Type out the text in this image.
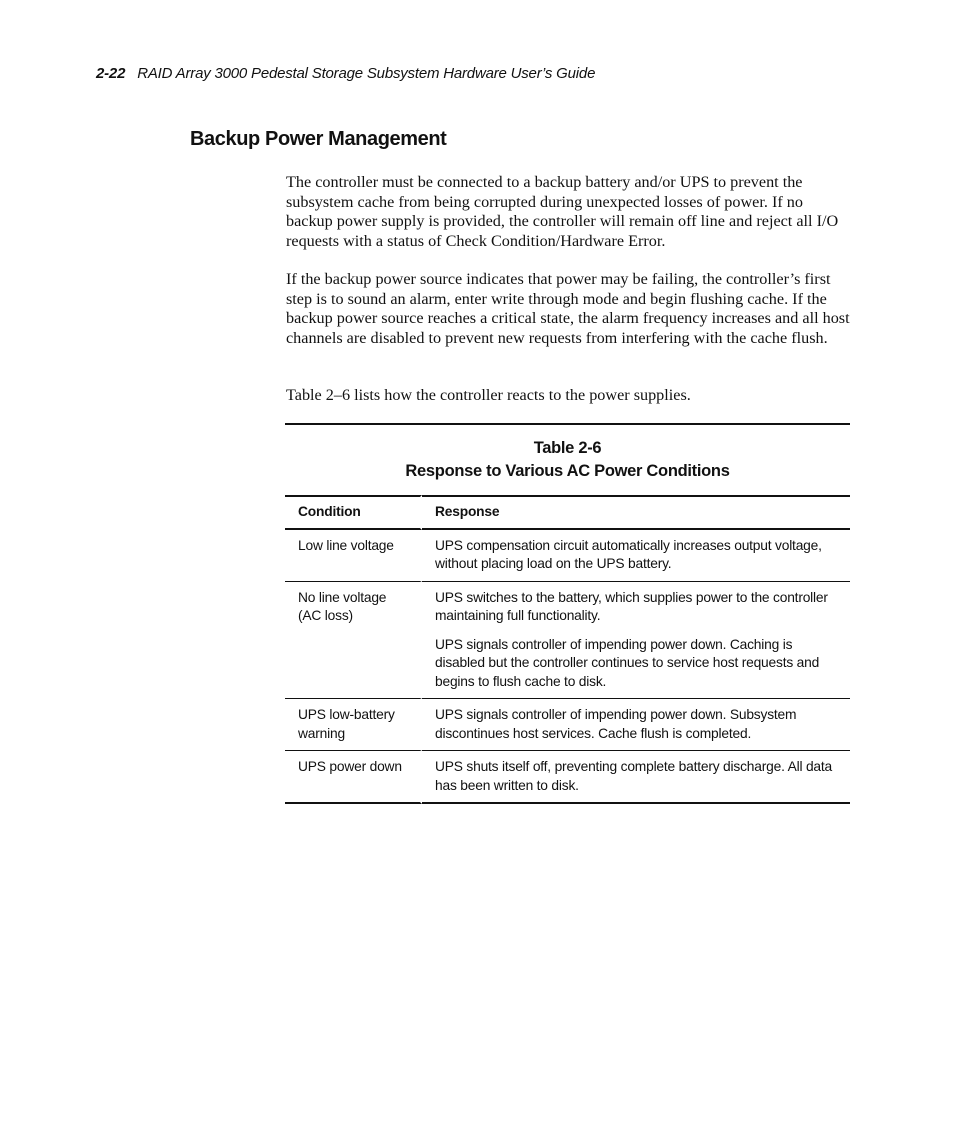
2-22 RAID Array 3000 Pedestal Storage Subsystem Hardware User’s Guide
Backup Power Management

The controller must be connected to a backup battery and/or UPS to prevent the subsystem cache from being corrupted during unexpected losses of power. If no backup power supply is provided, the controller will remain off line and reject all I/O requests with a status of Check Condition/Hardware Error.

If the backup power source indicates that power may be failing, the controller’s first step is to sound an alarm, enter write through mode and begin flushing cache. If the backup power source reaches a critical state, the alarm frequency increases and all host channels are disabled to prevent new requests from interfering with the cache flush.

Table 2–6 lists how the controller reacts to the power supplies.

Table 2-6
Response to Various AC Power Conditions
Condition	Response
Low line voltage	UPS compensation circuit automatically increases output voltage, without placing load on the UPS battery.

No line voltage (AC loss)	UPS switches to the battery, which supplies power to the controller maintaining full functionality.
UPS signals controller of impending power down. Caching is disabled but the controller continues to service host requests and begins to flush cache to disk.

UPS low-battery warning	UPS signals controller of impending power down. Subsystem discontinues host services. Cache flush is completed.

UPS power down	UPS shuts itself off, preventing complete battery discharge. All data has been written to disk.
